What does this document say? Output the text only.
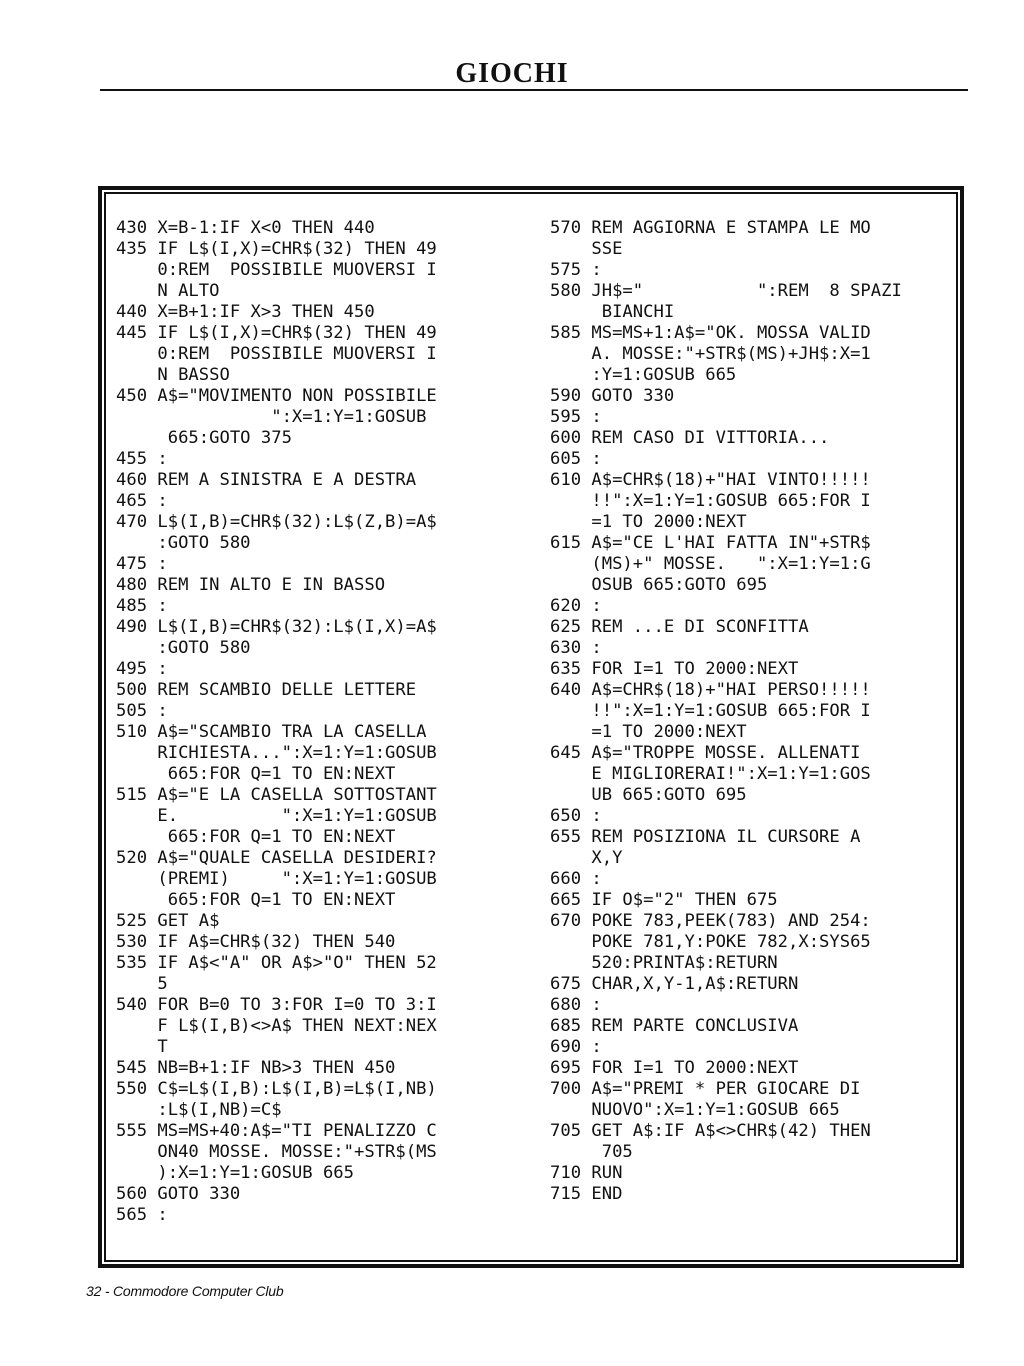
GIOCHI
430 X=B-1:IF X<0 THEN 440
435 IF L$(I,X)=CHR$(32) THEN 49
0:REM  POSSIBILE MUOVERSI I
N ALTO
440 X=B+1:IF X>3 THEN 450
445 IF L$(I,X)=CHR$(32) THEN 49
0:REM  POSSIBILE MUOVERSI I
N BASSO
450 A$="MOVIMENTO NON POSSIBILE
":X=1:Y=1:GOSUB
665:GOTO 375
455 :
460 REM A SINISTRA E A DESTRA
465 :
470 L$(I,B)=CHR$(32):L$(Z,B)=A$
:GOTO 580
475 :
480 REM IN ALTO E IN BASSO
485 :
490 L$(I,B)=CHR$(32):L$(I,X)=A$
:GOTO 580
495 :
500 REM SCAMBIO DELLE LETTERE
505 :
510 A$="SCAMBIO TRA LA CASELLA
RICHIESTA...":X=1:Y=1:GOSUB
665:FOR Q=1 TO EN:NEXT
515 A$="E LA CASELLA SOTTOSTANT
E.          ":X=1:Y=1:GOSUB
665:FOR Q=1 TO EN:NEXT
520 A$="QUALE CASELLA DESIDERI?
(PREMI)     ":X=1:Y=1:GOSUB
665:FOR Q=1 TO EN:NEXT
525 GET A$
530 IF A$=CHR$(32) THEN 540
535 IF A$<"A" OR A$>"O" THEN 52
5
540 FOR B=0 TO 3:FOR I=0 TO 3:I
F L$(I,B)<>A$ THEN NEXT:NEX
T
545 NB=B+1:IF NB>3 THEN 450
550 C$=L$(I,B):L$(I,B)=L$(I,NB)
:L$(I,NB)=C$
555 MS=MS+40:A$="TI PENALIZZO C
ON40 MOSSE. MOSSE:"+STR$(MS
):X=1:Y=1:GOSUB 665
560 GOTO 330
565 :
570 REM AGGIORNA E STAMPA LE MO
SSE
575 :
580 JH$="           ":REM  8 SPAZI
BIANCHI
585 MS=MS+1:A$="OK. MOSSA VALID
A. MOSSE:"+STR$(MS)+JH$:X=1
:Y=1:GOSUB 665
590 GOTO 330
595 :
600 REM CASO DI VITTORIA...
605 :
610 A$=CHR$(18)+"HAI VINTO!!!!!
!!":X=1:Y=1:GOSUB 665:FOR I
=1 TO 2000:NEXT
615 A$="CE L'HAI FATTA IN"+STR$
(MS)+" MOSSE.   ":X=1:Y=1:G
OSUB 665:GOTO 695
620 :
625 REM ...E DI SCONFITTA
630 :
635 FOR I=1 TO 2000:NEXT
640 A$=CHR$(18)+"HAI PERSO!!!!!
!!":X=1:Y=1:GOSUB 665:FOR I
=1 TO 2000:NEXT
645 A$="TROPPE MOSSE. ALLENATI
E MIGLIORERAI!":X=1:Y=1:GOS
UB 665:GOTO 695
650 :
655 REM POSIZIONA IL CURSORE A
X,Y
660 :
665 IF O$="2" THEN 675
670 POKE 783,PEEK(783) AND 254:
POKE 781,Y:POKE 782,X:SYS65
520:PRINTA$:RETURN
675 CHAR,X,Y-1,A$:RETURN
680 :
685 REM PARTE CONCLUSIVA
690 :
695 FOR I=1 TO 2000:NEXT
700 A$="PREMI * PER GIOCARE DI
NUOVO":X=1:Y=1:GOSUB 665
705 GET A$:IF A$<>CHR$(42) THEN
705
710 RUN
715 END
32 - Commodore Computer Club
